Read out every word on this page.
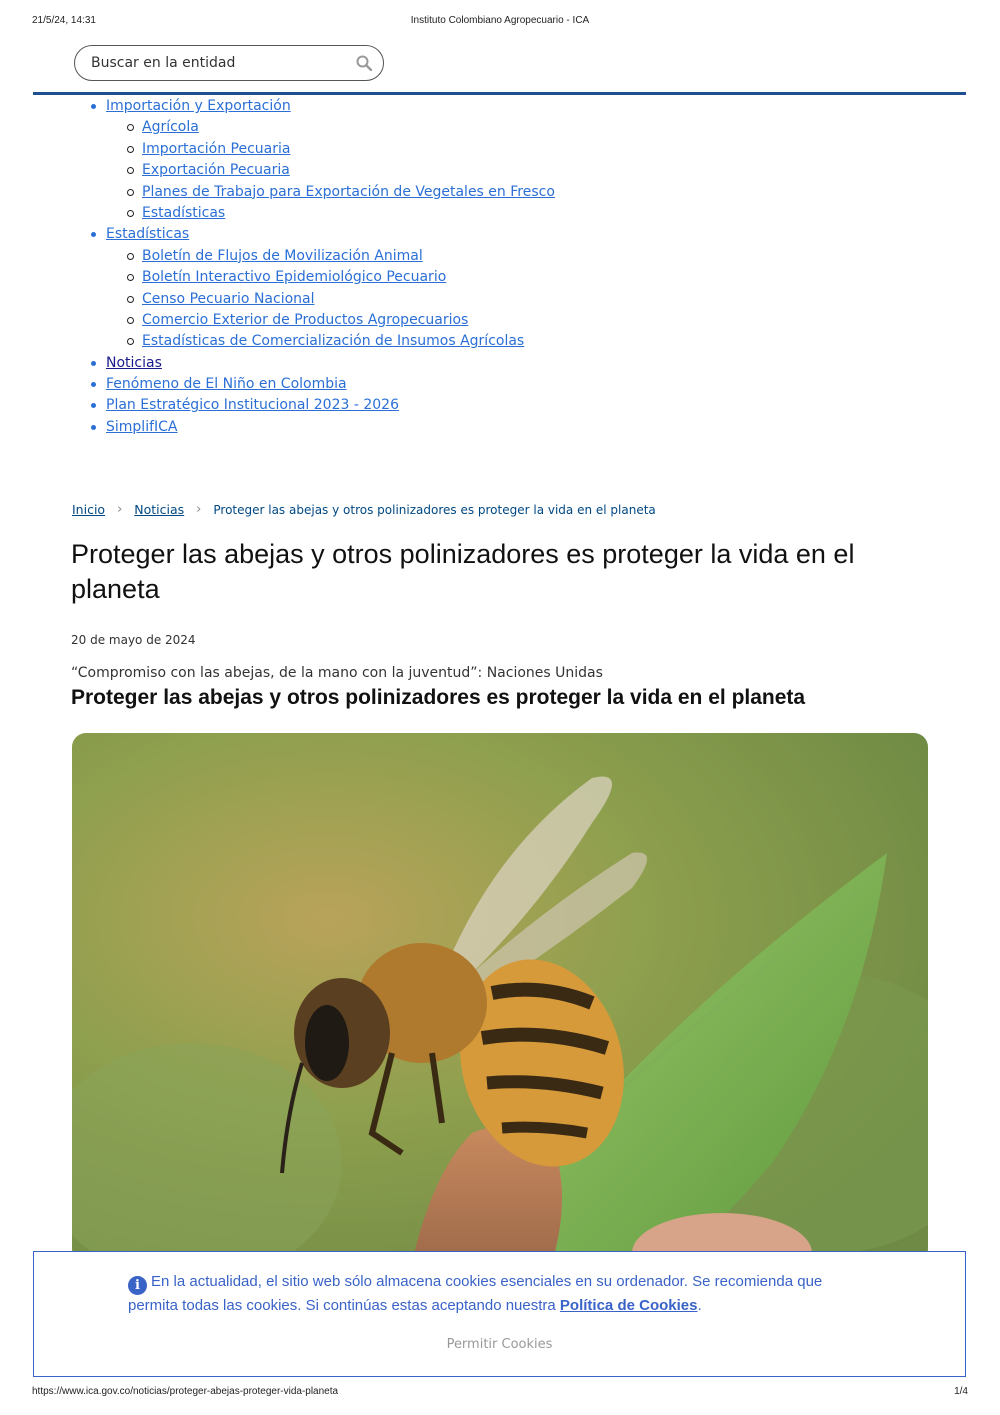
21/5/24, 14:31	Instituto Colombiano Agropecuario - ICA
Buscar en la entidad
Importación y Exportación
Agrícola
Importación Pecuaria
Exportación Pecuaria
Planes de Trabajo para Exportación de Vegetales en Fresco
Estadísticas
Estadísticas
Boletín de Flujos de Movilización Animal
Boletín Interactivo Epidemiológico Pecuario
Censo Pecuario Nacional
Comercio Exterior de Productos Agropecuarios
Estadísticas de Comercialización de Insumos Agrícolas
Noticias
Fenómeno de El Niño en Colombia
Plan Estratégico Institucional 2023 - 2026
SimplifICA
Inicio › Noticias › Proteger las abejas y otros polinizadores es proteger la vida en el planeta
Proteger las abejas y otros polinizadores es proteger la vida en el planeta
20 de mayo de 2024
“Compromiso con las abejas, de la mano con la juventud”: Naciones Unidas
Proteger las abejas y otros polinizadores es proteger la vida en el planeta
i En la actualidad, el sitio web sólo almacena cookies esenciales en su ordenador. Se recomienda que permita todas las cookies. Si continúas estas aceptando nuestra Política de Cookies.
Permitir Cookies
https://www.ica.gov.co/noticias/proteger-abejas-proteger-vida-planeta	1/4
